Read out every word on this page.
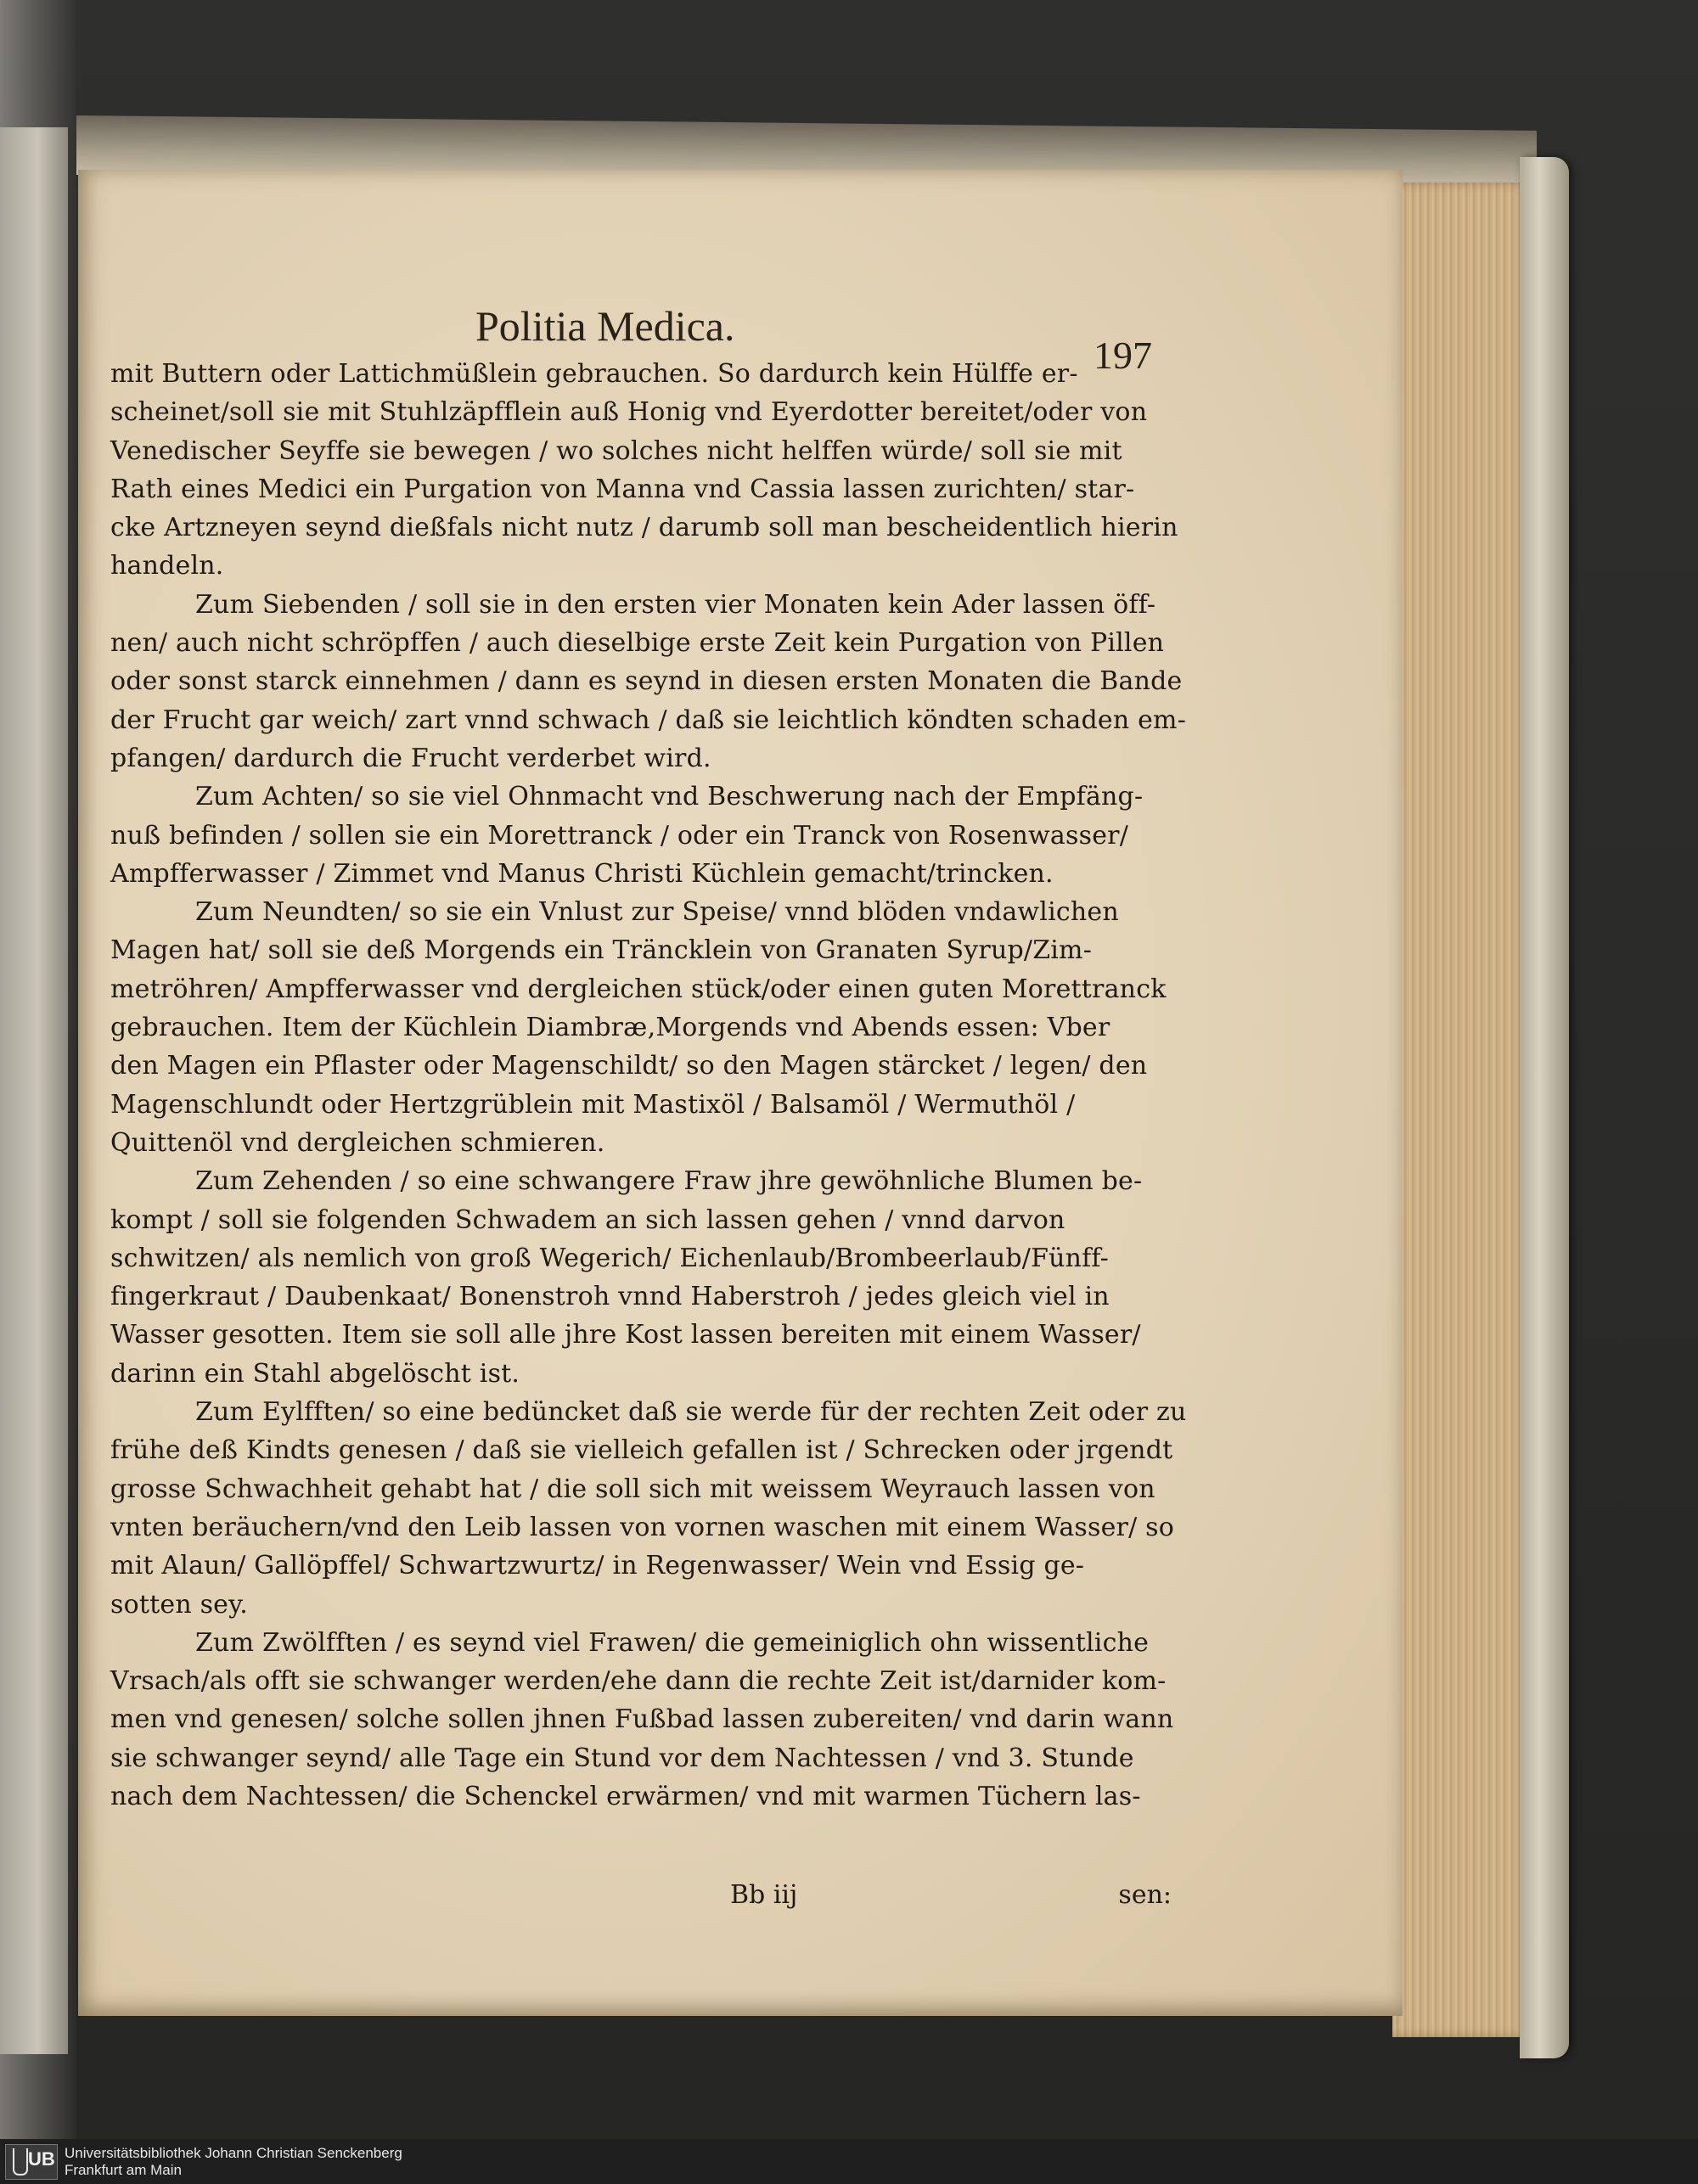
Politia Medica.
197
mit Buttern oder Lattichmüßlein gebrauchen. So dardurch kein Hülffe er-
scheinet/soll sie mit Stuhlzäpfflein auß Honig vnd Eyerdotter bereitet/oder von
Venedischer Seyffe sie bewegen / wo solches nicht helffen würde/ soll sie mit
Rath eines Medici ein Purgation von Manna vnd Cassia lassen zurichten/ star-
cke Artzneyen seynd dießfals nicht nutz / darumb soll man bescheidentlich hierin
handeln.
Zum Siebenden / soll sie in den ersten vier Monaten kein Ader lassen öff-
nen/ auch nicht schröpffen / auch dieselbige erste Zeit kein Purgation von Pillen
oder sonst starck einnehmen / dann es seynd in diesen ersten Monaten die Bande
der Frucht gar weich/ zart vnnd schwach / daß sie leichtlich köndten schaden em-
pfangen/ dardurch die Frucht verderbet wird.
Zum Achten/ so sie viel Ohnmacht vnd Beschwerung nach der Empfäng-
nuß befinden / sollen sie ein Morettranck / oder ein Tranck von Rosenwasser/
Ampfferwasser / Zimmet vnd Manus Christi Küchlein gemacht/trincken.
Zum Neundten/ so sie ein Vnlust zur Speise/ vnnd blöden vndawlichen
Magen hat/ soll sie deß Morgends ein Träncklein von Granaten Syrup/Zim-
metröhren/ Ampfferwasser vnd dergleichen stück/oder einen guten Morettranck
gebrauchen. Item der Küchlein Diambræ,Morgends vnd Abends essen: Vber
den Magen ein Pflaster oder Magenschildt/ so den Magen stärcket / legen/ den
Magenschlundt oder Hertzgrüblein mit Mastixöl / Balsamöl / Wermuthöl /
Quittenöl vnd dergleichen schmieren.
Zum Zehenden / so eine schwangere Fraw jhre gewöhnliche Blumen be-
kompt / soll sie folgenden Schwadem an sich lassen gehen / vnnd darvon
schwitzen/ als nemlich von groß Wegerich/ Eichenlaub/Brombeerlaub/Fünff-
fingerkraut / Daubenkaat/ Bonenstroh vnnd Haberstroh / jedes gleich viel in
Wasser gesotten. Item sie soll alle jhre Kost lassen bereiten mit einem Wasser/
darinn ein Stahl abgelöscht ist.
Zum Eylfften/ so eine bedüncket daß sie werde für der rechten Zeit oder zu
frühe deß Kindts genesen / daß sie vielleich gefallen ist / Schrecken oder jrgendt
grosse Schwachheit gehabt hat / die soll sich mit weissem Weyrauch lassen von
vnten beräuchern/vnd den Leib lassen von vornen waschen mit einem Wasser/ so
mit Alaun/ Gallöpffel/ Schwartzwurtz/ in Regenwasser/ Wein vnd Essig ge-
sotten sey.
Zum Zwölfften / es seynd viel Frawen/ die gemeiniglich ohn wissentliche
Vrsach/als offt sie schwanger werden/ehe dann die rechte Zeit ist/darnider kom-
men vnd genesen/ solche sollen jhnen Fußbad lassen zubereiten/ vnd darin wann
sie schwanger seynd/ alle Tage ein Stund vor dem Nachtessen / vnd 3. Stunde
nach dem Nachtessen/ die Schenckel erwärmen/ vnd mit warmen Tüchern las-
Bb iij	sen:
UB Universitätsbibliothek Johann Christian Senckenberg
Frankfurt am Main
